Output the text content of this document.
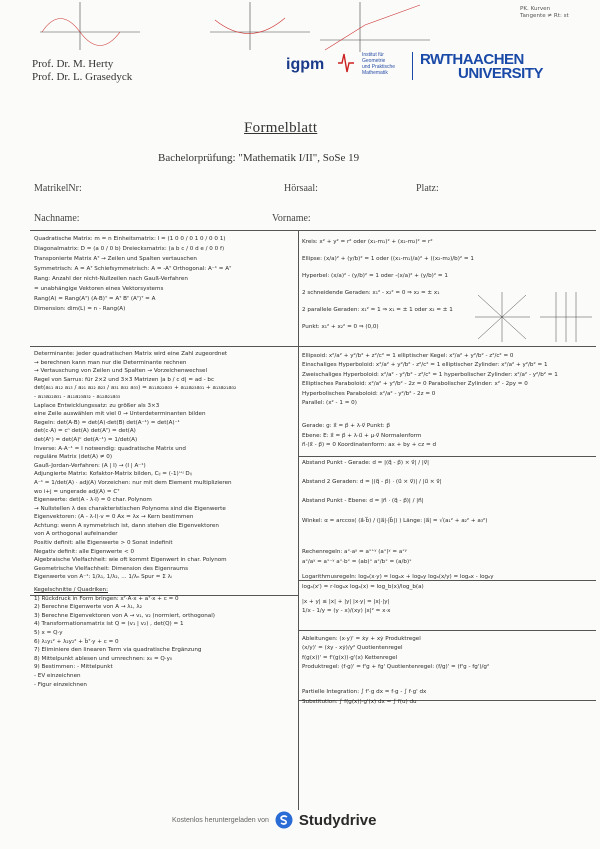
PK. Kurven
Tangente ≠ Rt: st
Prof. Dr. M. Herty
Prof. Dr. L. Grasedyck
igpm
Institut für
Geometrie
und Praktische
Mathematik
RWTHAACHEN
UNIVERSITY
Formelblatt
Bachelorprüfung: "Mathematik I/II", SoSe 19
MatrikelNr:	Hörsaal:	Platz:
Nachname:	Vorname:
Quadratische Matrix: m = n Einheitsmatrix: I = (1 0 0 / 0 1 0 / 0 0 1)
Diagonalmatrix: D = (a 0 / 0 b) Dreiecksmatrix: (a b c / 0 d e / 0 0 f)
Transponierte Matrix Aᵀ → Zeilen und Spalten vertauschen
Symmetrisch: A = Aᵀ Schiefsymmetrisch: A = -Aᵀ Orthogonal: A⁻¹ = Aᵀ
Rang: Anzahl der nicht-Nullzeilen nach Gauß-Verfahren
= unabhängige Vektoren eines Vektorsystems
Rang(A) = Rang(Aᵀ) (A·B)ᵀ = Aᵀ Bᵀ (Aᵀ)ᵀ = A
Dimension: dim(L) = n - Rang(A)
Determinante: jeder quadratischen Matrix wird eine Zahl zugeordnet
→ berechnen kann man nur die Determinante rechnen
→ Vertauschung von Zeilen und Spalten → Vorzeichenwechsel
Regel von Sarrus: für 2×2 und 3×3 Matrizen |a b / c d| = ad - bc
det(a₁₁ a₁₂ a₁₃ / a₂₁ a₂₂ a₂₃ / a₃₁ a₃₂ a₃₃) = a₁₁a₂₂a₃₃ + a₁₂a₂₃a₃₁ + a₁₃a₂₁a₃₂
- a₁₃a₂₂a₃₁ - a₁₁a₂₃a₃₂ - a₁₂a₂₁a₃₃
Laplace Entwicklungssatz: zu größer als 3×3
eine Zeile auswählen mit viel 0 → Unterdeterminanten bilden
Regeln: det(A·B) = det(A)·det(B) det(A⁻¹) = det(A)⁻¹
det(c·A) = cⁿ det(A) det(Aᵀ) = det(A)
det(Aᵏ) = det(A)ᵏ det(A⁻¹) = 1/det(A)
Inverse: A·A⁻¹ = I notwendig: quadratische Matrix und
reguläre Matrix (det(A) ≠ 0)
Gauß-Jordan-Verfahren: (A | I) → (I | A⁻¹)
Adjungierte Matrix: Kofaktor-Matrix bilden, Cᵢⱼ = (-1)ⁱ⁺ʲ Dᵢⱼ
A⁻¹ = 1/det(A) · adj(A) Vorzeichen: nur mit dem Element multiplizieren
wo i+j = ungerade adj(A) = Cᵀ
Eigenwerte: det(A - λ·I) = 0 char. Polynom
→ Nullstellen λ des charakteristischen Polynoms sind die Eigenwerte
Eigenvektoren: (A - λ·I)·v = 0 Ax = λx → Kern bestimmen
Achtung: wenn A symmetrisch ist, dann stehen die Eigenvektoren
von A orthogonal aufeinander
Positiv definit: alle Eigenwerte > 0 Sonst indefinit
Negativ definit: alle Eigenwerte < 0
Algebraische Vielfachheit: wie oft kommt Eigenwert in char. Polynom
Geometrische Vielfachheit: Dimension des Eigenraums
Eigenwerte von A⁻¹: 1/λ₁, 1/λ₂, ... 1/λₙ Spur = Σ λᵢ
Kegelschnitte / Quadriken:
1) Rückdruck in Form bringen: xᵀ·A·x + aᵀ·x + c = 0
2) Berechne Eigenwerte von A → λ₁, λ₂
3) Berechne Eigenvektoren von A → v₁, v₂ (normiert, orthogonal)
4) Transformationsmatrix ist Q = (v₁ | v₂) , det(Q) = 1
5) x = Q·y
6) λ₁y₁² + λ₂y₂² + b̃ᵀ·y + c = 0
7) Eliminiere den linearen Term via quadratische Ergänzung
8) Mittelpunkt ablesen und umrechnen: x₀ = Q·y₀
9) Bestimmen: - Mittelpunkt
- EV einzeichnen
- Figur einzeichnen
Kreis: x² + y² = r² oder (x₁-m₁)² + (x₂-m₂)² = r²
Ellipse: (x/a)² + (y/b)² = 1 oder ((x₁-m₁)/a)² + ((x₂-m₂)/b)² = 1
Hyperbel: (x/a)² - (y/b)² = 1 oder -(x/a)² + (y/b)² = 1
2 schneidende Geraden: x₁² - x₂² = 0 ⇒ x₂ = ± x₁
2 parallele Geraden: x₁² = 1 ⇒ x₁ = ± 1 oder x₂ = ± 1
Punkt: x₁² + x₂² = 0 ⇒ (0,0)
Ellipsoid: x²/a² + y²/b² + z²/c² = 1 elliptischer Kegel: x²/a² + y²/b² - z²/c² = 0
Einschaliges Hyperboloid: x²/a² + y²/b² - z²/c² = 1 elliptischer Zylinder: x²/a² + y²/b² = 1
Zweischaliges Hyperboloid: x²/a² - y²/b² - z²/c² = 1 hyperbolischer Zylinder: x²/a² - y²/b² = 1
Elliptisches Paraboloid: x²/a² + y²/b² - 2z = 0 Parabolischer Zylinder: x² - 2py = 0
Hyperbolisches Paraboloid: x²/a² - y²/b² - 2z = 0
Parallel: (x² - 1 = 0)
Gerade: g: x⃗ = p⃗ + λ·v⃗ Punkt: p⃗
Ebene: E: x⃗ = p⃗ + λ·u⃗ + μ·v⃗ Normalenform
n⃗·(x⃗ - p⃗) = 0 Koordinatenform: ax + by + cz = d
Abstand Punkt - Gerade: d = |(q⃗ - p⃗) × v⃗| / |v⃗|
Abstand 2 Geraden: d = |(q⃗ - p⃗) · (u⃗ × v⃗)| / |u⃗ × v⃗|
Abstand Punkt - Ebene: d = |n⃗ · (q⃗ - p⃗)| / |n⃗|
Winkel: α = arccos( (a⃗·b⃗) / (|a⃗|·|b⃗|) ) Länge: |a⃗| = √(a₁² + a₂² + a₃²)
Rechenregeln: aˣ·aʸ = aˣ⁺ʸ (aˣ)ʸ = aˣʸ
aˣ/aʸ = aˣ⁻ʸ aˣ·bˣ = (ab)ˣ aˣ/bˣ = (a/b)ˣ
Logarithmusregeln: logₐ(x·y) = logₐx + logₐy logₐ(x/y) = logₐx - logₐy
logₐ(xʳ) = r·logₐx logₐ(x) = log_b(x)/log_b(a)
|x + y| ≤ |x| + |y| |x·y| = |x|·|y|
1/x - 1/y = (y - x)/(xy) |x|² = x·x
Ableitungen: (x·y)' = ẋy + xẏ Produktregel
(x/y)' = (ẋy - xẏ)/y² Quotientenregel
f(g(x))' = f'(g(x))·g'(x) Kettenregel
Produktregel: (f·g)' = f'g + fg' Quotientenregel: (f/g)' = (f'g - fg')/g²
Partielle Integration: ∫ f'·g dx = f·g - ∫ f·g' dx
Substitution: ∫ f(g(x))·g'(x) dx = ∫ f(u) du
Kostenlos heruntergeladen von Studydrive
